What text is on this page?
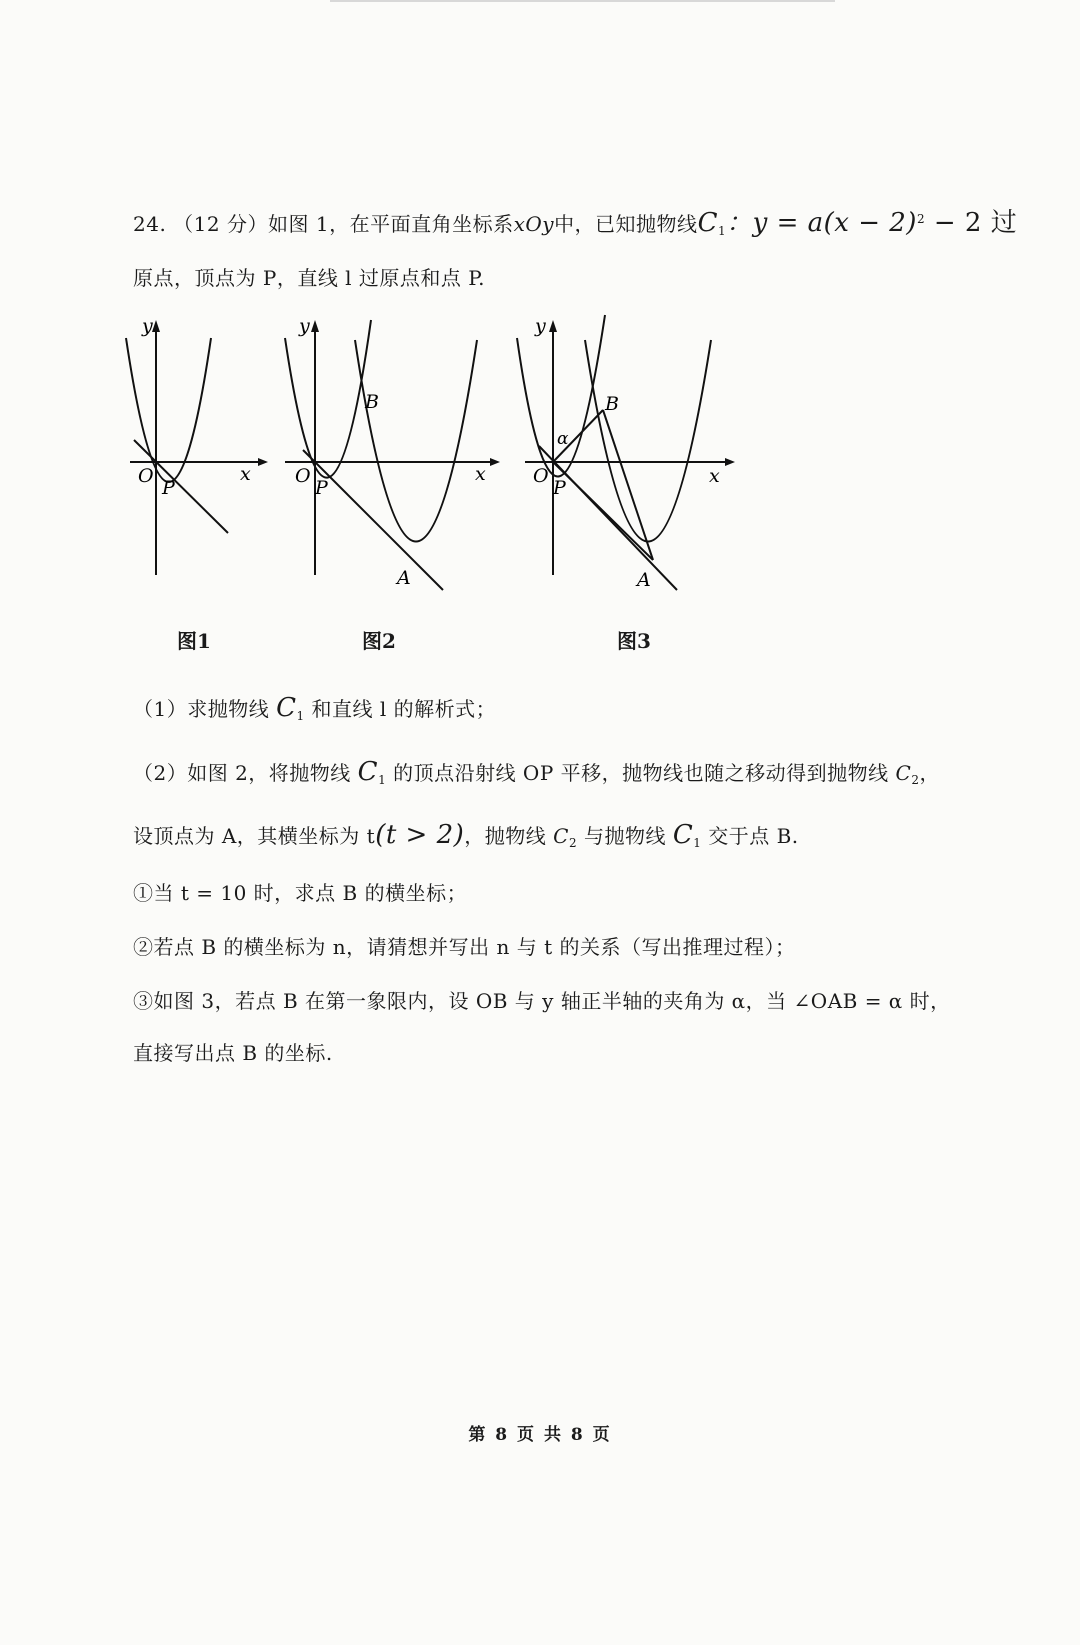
24. （12 分）如图 1，在平面直角坐标系xOy中，已知抛物线$C_1$：$y = a(x - 2)^2 - 2$ 过
原点，顶点为 P，直线 l 过原点和点 P.
y
x
O
P
图1
y
x
O
P
B
A
图2
y
x
O
P
B
A
α
图3
（1）求抛物线 $C_1$ 和直线 l 的解析式；
（2）如图 2，将抛物线 $C_1$ 的顶点沿射线 OP 平移，抛物线也随之移动得到抛物线 $C_2$，
设顶点为 A，其横坐标为 t(t > 2)，抛物线 $C_2$ 与抛物线 $C_1$ 交于点 B.
①当 t = 10 时，求点 B 的横坐标；
②若点 B 的横坐标为 n，请猜想并写出 n 与 t 的关系（写出推理过程）；
③如图 3，若点 B 在第一象限内，设 OB 与 y 轴正半轴的夹角为 α，当 ∠OAB = α 时，
直接写出点 B 的坐标.
第 8 页 共 8 页
